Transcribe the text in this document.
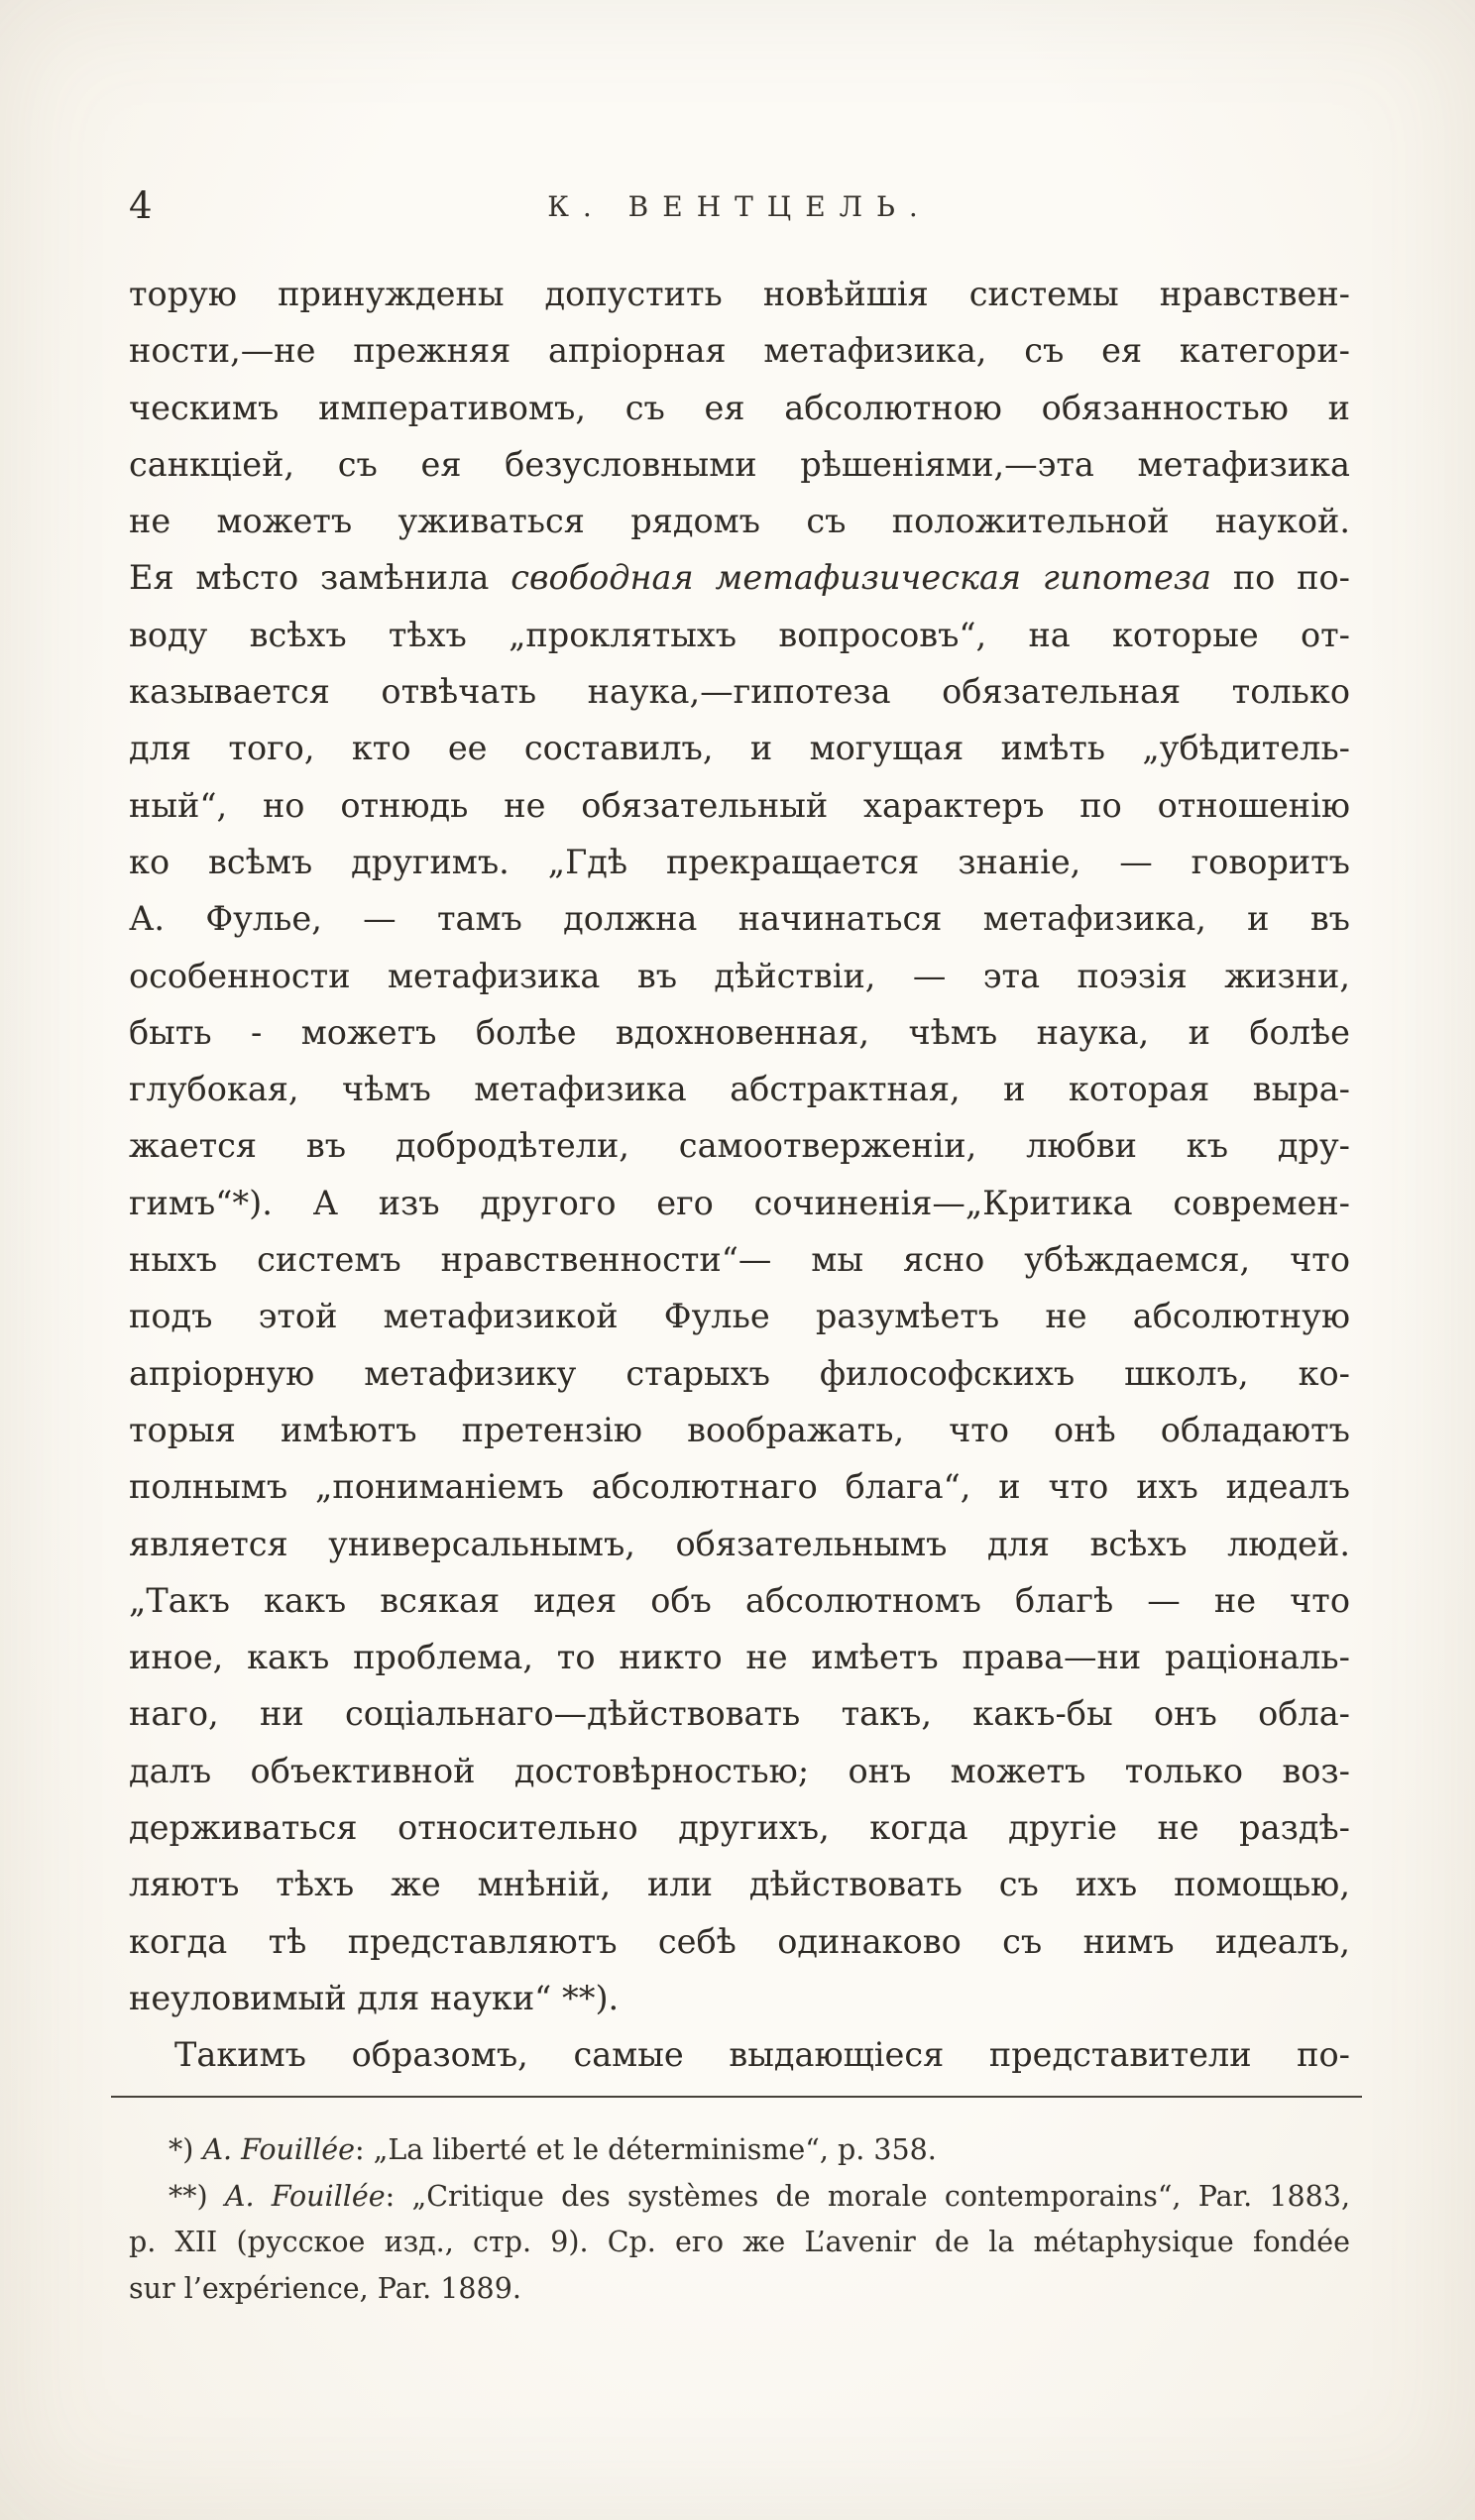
4	К. ВЕНТЦЕЛЬ.
торую принуждены допустить новѣйшія системы нравствен-
ности,—не прежняя апріорная метафизика, съ ея категори-
ческимъ императивомъ, съ ея абсолютною обязанностью и
санкціей, съ ея безусловными рѣшеніями,—эта метафизика
не можетъ уживаться рядомъ съ положительной наукой.
Ея мѣсто замѣнила свободная метафизическая гипотеза по по-
воду всѣхъ тѣхъ „проклятыхъ вопросовъ“, на которые от-
казывается отвѣчать наука,—гипотеза обязательная только
для того, кто ее составилъ, и могущая имѣть „убѣдитель-
ный“, но отнюдь не обязательный характеръ по отношенію
ко всѣмъ другимъ. „Гдѣ прекращается знаніе, — говоритъ
А. Фулье, — тамъ должна начинаться метафизика, и въ
особенности метафизика въ дѣйствіи, — эта поэзія жизни,
быть - можетъ болѣе вдохновенная, чѣмъ наука, и болѣе
глубокая, чѣмъ метафизика абстрактная, и которая выра-
жается въ добродѣтели, самоотверженіи, любви къ дру-
гимъ“*). А изъ другого его сочиненія—„Критика современ-
ныхъ системъ нравственности“— мы ясно убѣждаемся, что
подъ этой метафизикой Фулье разумѣетъ не абсолютную
апріорную метафизику старыхъ философскихъ школъ, ко-
торыя имѣютъ претензію воображать, что онѣ обладаютъ
полнымъ „пониманіемъ абсолютнаго блага“, и что ихъ идеалъ
является универсальнымъ, обязательнымъ для всѣхъ людей.
„Такъ какъ всякая идея объ абсолютномъ благѣ — не что
иное, какъ проблема, то никто не имѣетъ права—ни раціональ-
наго, ни соціальнаго—дѣйствовать такъ, какъ-бы онъ обла-
далъ объективной достовѣрностью; онъ можетъ только воз-
держиваться относительно другихъ, когда другіе не раздѣ-
ляютъ тѣхъ же мнѣній, или дѣйствовать съ ихъ помощью,
когда тѣ представляютъ себѣ одинаково съ нимъ идеалъ,
неуловимый для науки“ **).
Такимъ образомъ, самые выдающіеся представители по-
*) A. Fouillée: „La liberté et le déterminisme“, p. 358.
**) A. Fouillée: „Critique des systèmes de morale contemporains“, Par. 1883,
p. XII (русское изд., стр. 9). Ср. его же L’avenir de la métaphysique fondée
sur l’expérience, Par. 1889.
